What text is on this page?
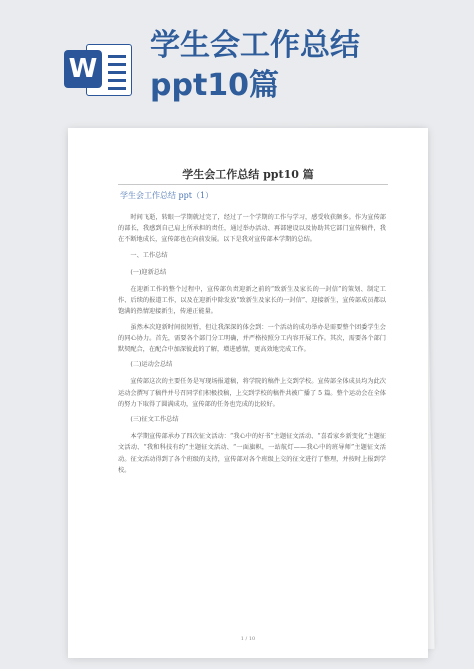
W
学生会工作总结ppt10篇
学生会工作总结 ppt10 篇
学生会工作总结 ppt（1）

时间飞逝，转眼一学期就过完了，经过了一个学期的工作与学习，感受收获颇多。作为宣传部的部长，我感到自己肩上所承担的责任，通过举办活动、再部建设以及协助其它部门宣传稿件，我在不断地成长，宣传部也在向前发展。以下是我对宣传部本学期的总结。

一、工作总结

(一)迎新总结

在迎新工作的整个过程中，宣传部负责迎新之前的“致新生及家长的一封信”的策划、制定工作、后续的报道工作，以及在迎新中除发放“致新生及家长的一封信”、迎接新生，宣传部成员都以饱满的热情迎接新生，传递正能量。

虽然本次迎新时间很短暂，但让我深深的体会到：一个活动的成功举办是需要整个团委学生会的同心协力。首先，需要各个部门分工明确，并严格按照分工内容开展工作。其次，需要各个部门默契配合，在配合中加深彼此的了解，增进感情，更高效地完成工作。

(二)运动会总结

宣传部这次的主要任务是写现场报道稿，将学院的稿件上交到学校。宣传部全体成员均为此次运动会撰写了稿件并号召同学们积极投稿，上交到学校的稿件共被广播了 5 篇。整个运动会在全体的努力下取得了圆满成功，宣传部的任务也完成的比较好。

(三)征文工作总结

本学期宣传部承办了四次征文活动：“我心中的好书”主题征文活动、“喜看家乡新变化”主题征文活动、“我和科技有约”主题征文活动、“一面旗帜，一站航灯——我心中的班导师”主题征文活动。征文活动得到了各个班级的支持，宣传部对各个班级上交的征文进行了整理，并按时上报到学校。

1 / 10
